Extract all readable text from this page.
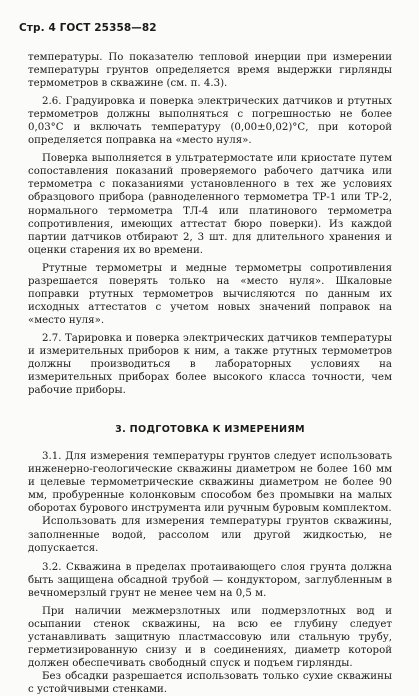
Стр. 4 ГОСТ 25358—82

температуры. По показателю тепловой инерции при измерении температуры грунтов определяется время выдержки гирлянды термометров в скважине (см. п. 4.3).

2.6. Градуировка и поверка электрических датчиков и ртутных термометров должны выполняться с погрешностью не более 0,03°С и включать температуру (0,00±0,02)°С, при которой определяется поправка на «место нуля».

Поверка выполняется в ультратермостате или криостате путем сопоставления показаний проверяемого рабочего датчика или термометра с показаниями установленного в тех же условиях образцового прибора (равноделенного термометра ТР-1 или ТР-2, нормального термометра ТЛ-4 или платинового термометра сопротивления, имеющих аттестат бюро поверки). Из каждой партии датчиков отбирают 2, 3 шт. для длительного хранения и оценки старения их во времени.

Ртутные термометры и медные термометры сопротивления разрешается поверять только на «место нуля». Шкаловые поправки ртутных термометров вычисляются по данным их исходных аттестатов с учетом новых значений поправок на «место нуля».

2.7. Тарировка и поверка электрических датчиков температуры и измерительных приборов к ним, а также ртутных термометров должны производиться в лабораторных условиях на измерительных приборах более высокого класса точности, чем рабочие приборы.

3. ПОДГОТОВКА К ИЗМЕРЕНИЯМ

3.1. Для измерения температуры грунтов следует использовать инженерно-геологические скважины диаметром не более 160 мм и целевые термометрические скважины диаметром не более 90 мм, пробуренные колонковым способом без промывки на малых оборотах бурового инструмента или ручным буровым комплектом.

Использовать для измерения температуры грунтов скважины, заполненные водой, рассолом или другой жидкостью, не допускается.

3.2. Скважина в пределах протаивающего слоя грунта должна быть защищена обсадной трубой — кондуктором, заглубленным в вечномерзлый грунт не менее чем на 0,5 м.

При наличии межмерзлотных или подмерзлотных вод и осыпании стенок скважины, на всю ее глубину следует устанавливать защитную пластмассовую или стальную трубу, герметизированную снизу и в соединениях, диаметр которой должен обеспечивать свободный спуск и подъем гирлянды.

Без обсадки разрешается использовать только сухие скважины с устойчивыми стенками.
